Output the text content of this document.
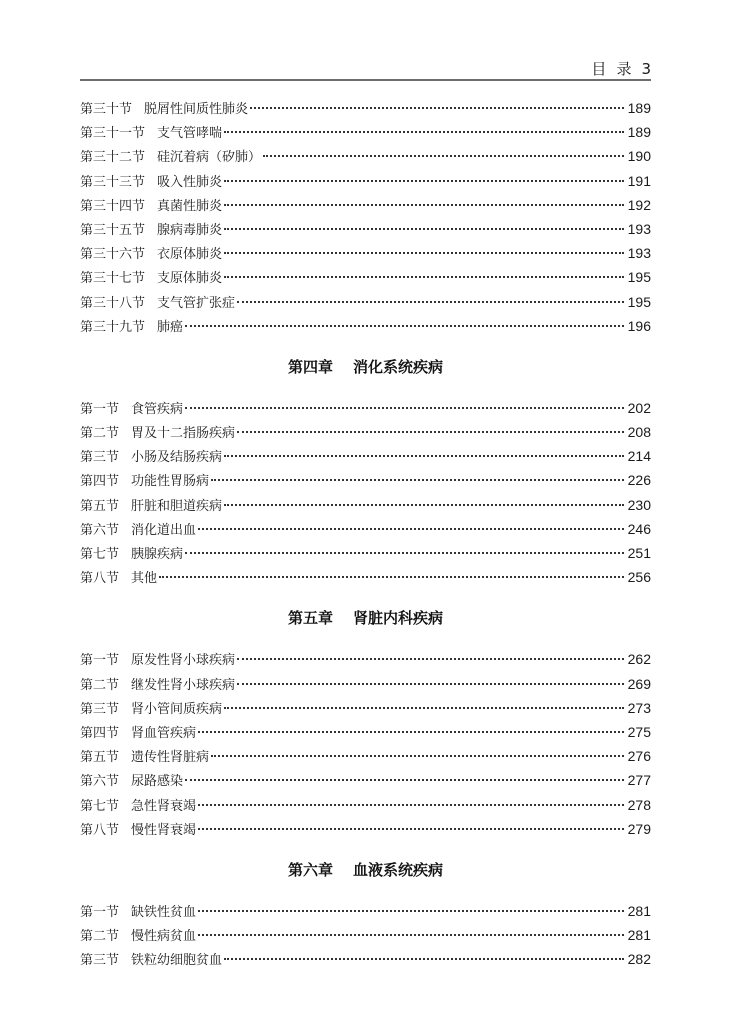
目 录 3
第三十节 脱屑性间质性肺炎	189
第三十一节 支气管哮喘	189
第三十二节 硅沉着病（矽肺）	190
第三十三节 吸入性肺炎	191
第三十四节 真菌性肺炎	192
第三十五节 腺病毒肺炎	193
第三十六节 衣原体肺炎	193
第三十七节 支原体肺炎	195
第三十八节 支气管扩张症	195
第三十九节 肺癌	196
第四章 消化系统疾病
第一节 食管疾病	202
第二节 胃及十二指肠疾病	208
第三节 小肠及结肠疾病	214
第四节 功能性胃肠病	226
第五节 肝脏和胆道疾病	230
第六节 消化道出血	246
第七节 胰腺疾病	251
第八节 其他	256
第五章 肾脏内科疾病
第一节 原发性肾小球疾病	262
第二节 继发性肾小球疾病	269
第三节 肾小管间质疾病	273
第四节 肾血管疾病	275
第五节 遗传性肾脏病	276
第六节 尿路感染	277
第七节 急性肾衰竭	278
第八节 慢性肾衰竭	279
第六章 血液系统疾病
第一节 缺铁性贫血	281
第二节 慢性病贫血	281
第三节 铁粒幼细胞贫血	282
